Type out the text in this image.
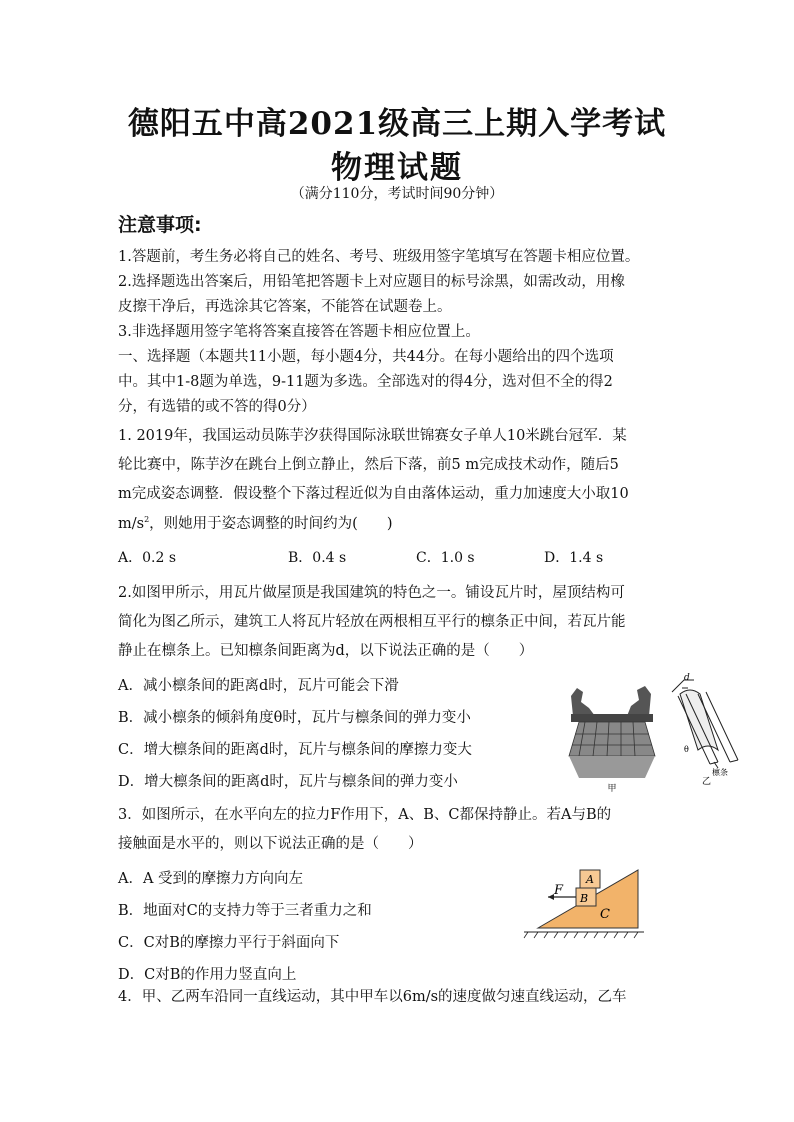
德阳五中高2021级高三上期入学考试
物理试题
（满分110分，考试时间90分钟）
注意事项:
1.答题前，考生务必将自己的姓名、考号、班级用签字笔填写在答题卡相应位置。
2.选择题选出答案后，用铅笔把答题卡上对应题目的标号涂黑，如需改动，用橡
皮擦干净后，再选涂其它答案，不能答在试题卷上。
3.非选择题用签字笔将答案直接答在答题卡相应位置上。
一、选择题（本题共11小题，每小题4分，共44分。在每小题给出的四个选项
中。其中1-8题为单选，9-11题为多选。全部选对的得4分，选对但不全的得2
分，有选错的或不答的得0分）
1. 2019年，我国运动员陈芋汐获得国际泳联世锦赛女子单人10米跳台冠军．某
轮比赛中，陈芋汐在跳台上倒立静止，然后下落，前5 m完成技术动作，随后5
m完成姿态调整．假设整个下落过程近似为自由落体运动，重力加速度大小取10
$m/s^2$，则她用于姿态调整的时间约为(　　)
A．0.2 s	B．0.4 s	C．1.0 s	D．1.4 s
2.如图甲所示，用瓦片做屋顶是我国建筑的特色之一。铺设瓦片时，屋顶结构可
简化为图乙所示，建筑工人将瓦片轻放在两根相互平行的檩条正中间，若瓦片能
静止在檩条上。已知檩条间距离为d，以下说法正确的是（　　）
A．减小檩条间的距离d时，瓦片可能会下滑
B．减小檩条的倾斜角度θ时，瓦片与檩条间的弹力变小
C．增大檩条间的距离d时，瓦片与檩条间的摩擦力变大
D．增大檩条间的距离d时，瓦片与檩条间的弹力变小	甲
d
θ
檩条
乙
3．如图所示，在水平向左的拉力F作用下，A、B、C都保持静止。若A与B的
接触面是水平的，则以下说法正确的是（　　）
A．A 受到的摩擦力方向向左
B．地面对C的支持力等于三者重力之和
C．C对B的摩擦力平行于斜面向下
D．C对B的作用力竖直向上
F
A
B
C
4．甲、乙两车沿同一直线运动，其中甲车以6m/s的速度做匀速直线运动，乙车
